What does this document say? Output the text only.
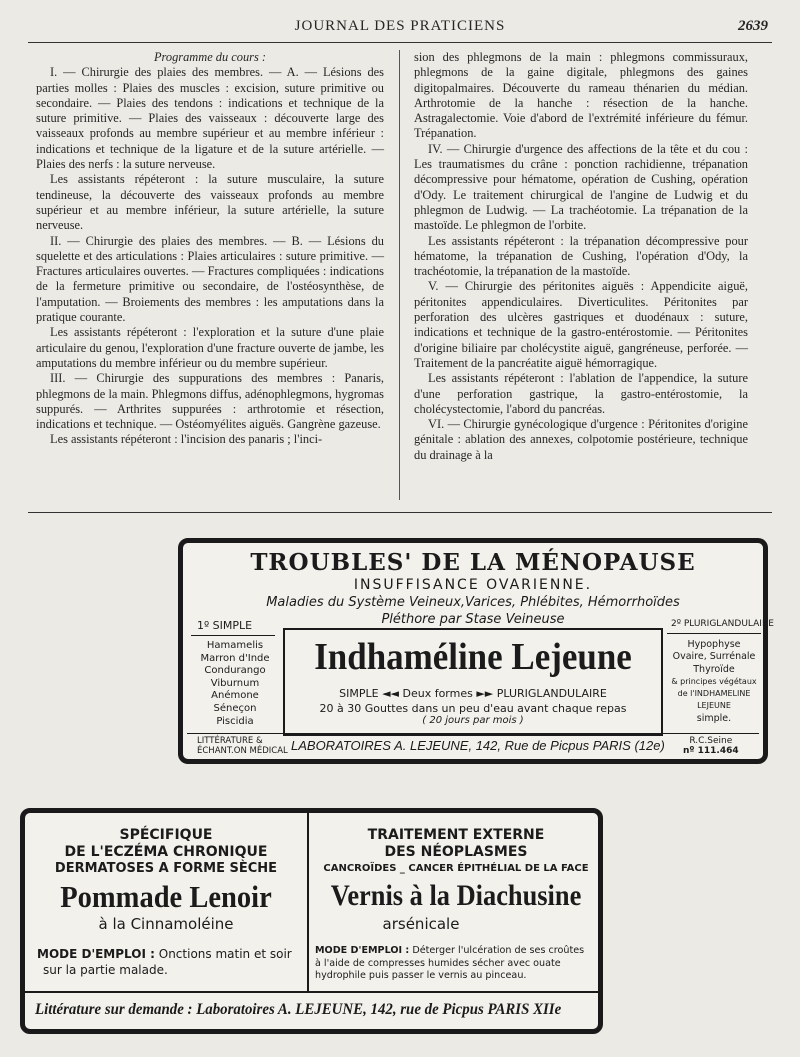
JOURNAL DES PRATICIENS	2639

Programme du cours :

I. — Chirurgie des plaies des membres. — A. — Lésions des parties molles : Plaies des muscles : excision, suture primitive ou secondaire. — Plaies des tendons : indications et technique de la suture primitive. — Plaies des vaisseaux : découverte large des vaisseaux profonds au membre supérieur et au membre inférieur : indications et technique de la ligature et de la suture artérielle. — Plaies des nerfs : la suture nerveuse.

Les assistants répéteront : la suture musculaire, la suture tendineuse, la découverte des vaisseaux profonds au membre supérieur et au membre inférieur, la suture artérielle, la suture nerveuse.

II. — Chirurgie des plaies des membres. — B. — Lésions du squelette et des articulations : Plaies articulaires : suture primitive. — Fractures articulaires ouvertes. — Fractures compliquées : indications de la fermeture primitive ou secondaire, de l'ostéosynthèse, de l'amputation. — Broiements des membres : les amputations dans la pratique courante.

Les assistants répéteront : l'exploration et la suture d'une plaie articulaire du genou, l'exploration d'une fracture ouverte de jambe, les amputations du membre inférieur ou du membre supérieur.

III. — Chirurgie des suppurations des membres : Panaris, phlegmons de la main. Phlegmons diffus, adénophlegmons, hygromas suppurés. — Arthrites suppurées : arthrotomie et résection, indications et technique. — Ostéomyélites aiguës. Gangrène gazeuse.

Les assistants répéteront : l'incision des panaris ; l'inci-

sion des phlegmons de la main : phlegmons commissuraux, phlegmons de la gaine digitale, phlegmons des gaines digitopalmaires. Découverte du rameau thénarien du médian. Arthrotomie de la hanche : résection de la hanche. Astragalectomie. Voie d'abord de l'extrémité inférieure du fémur. Trépanation.

IV. — Chirurgie d'urgence des affections de la tête et du cou : Les traumatismes du crâne : ponction rachidienne, trépanation décompressive pour hématome, opération de Cushing, opération d'Ody. Le traitement chirurgical de l'angine de Ludwig et du phlegmon de Ludwig. — La trachéotomie. La trépanation de la mastoïde. Le phlegmon de l'orbite.

Les assistants répéteront : la trépanation décompressive pour hématome, la trépanation de Cushing, l'opération d'Ody, la trachéotomie, la trépanation de la mastoïde.

V. — Chirurgie des péritonites aiguës : Appendicite aiguë, péritonites appendiculaires. Diverticulites. Péritonites par perforation des ulcères gastriques et duodénaux : suture, indications et technique de la gastro-entérostomie. — Péritonites d'origine biliaire par cholécystite aiguë, gangréneuse, perforée. — Traitement de la pancréatite aiguë hémorragique.

Les assistants répéteront : l'ablation de l'appendice, la suture d'une perforation gastrique, la gastro-entérostomie, la cholécystectomie, l'abord du pancréas.

VI. — Chirurgie gynécologique d'urgence : Péritonites d'origine génitale : ablation des annexes, colpotomie postérieure, technique du drainage à la

TROUBLES' DE LA MÉNOPAUSE
INSUFFISANCE OVARIENNE.
Maladies du Système Veineux,Varices, Phlébites, Hémorrhoïdes
Pléthore par Stase Veineuse
1º SIMPLE
Hamamelis
Marron d'Inde
Condurango
Viburnum
Anémone
Séneçon
Piscidia
Indhaméline Lejeune
SIMPLE ◄◄ Deux formes ►► PLURIGLANDULAIRE
20 à 30 Gouttes dans un peu d'eau avant chaque repas
( 20 jours par mois )
2º PLURIGLANDULAIRE
Hypophyse
Ovaire, Surrénale
Thyroïde
& principes végétaux
de l'INDHAMELINE
LEJEUNE
simple.
LITTÉRATURE &
ÉCHANT.ON MÉDICAL LABORATOIRES A. LEJEUNE, 142, Rue de Picpus PARIS (12e)	R.C.Seine
nº 111.464
SPÉCIFIQUE
DE L'ECZÉMA CHRONIQUE
DERMATOSES A FORME SÈCHE
Pommade Lenoir
à la Cinnamoléine
MODE D'EMPLOI : Onctions matin et soir
sur la partie malade.
TRAITEMENT EXTERNE
DES NÉOPLASMES
CANCROÏDES _ CANCER ÉPITHÉLIAL DE LA FACE
Vernis à la Diachusine
arsénicale
MODE D'EMPLOI : Déterger l'ulcération de ses croûtes
à l'aide de compresses humides sécher avec ouate
hydrophile puis passer le vernis au pinceau.
Littérature sur demande : Laboratoires A. LEJEUNE, 142, rue de Picpus PARIS XIIe
